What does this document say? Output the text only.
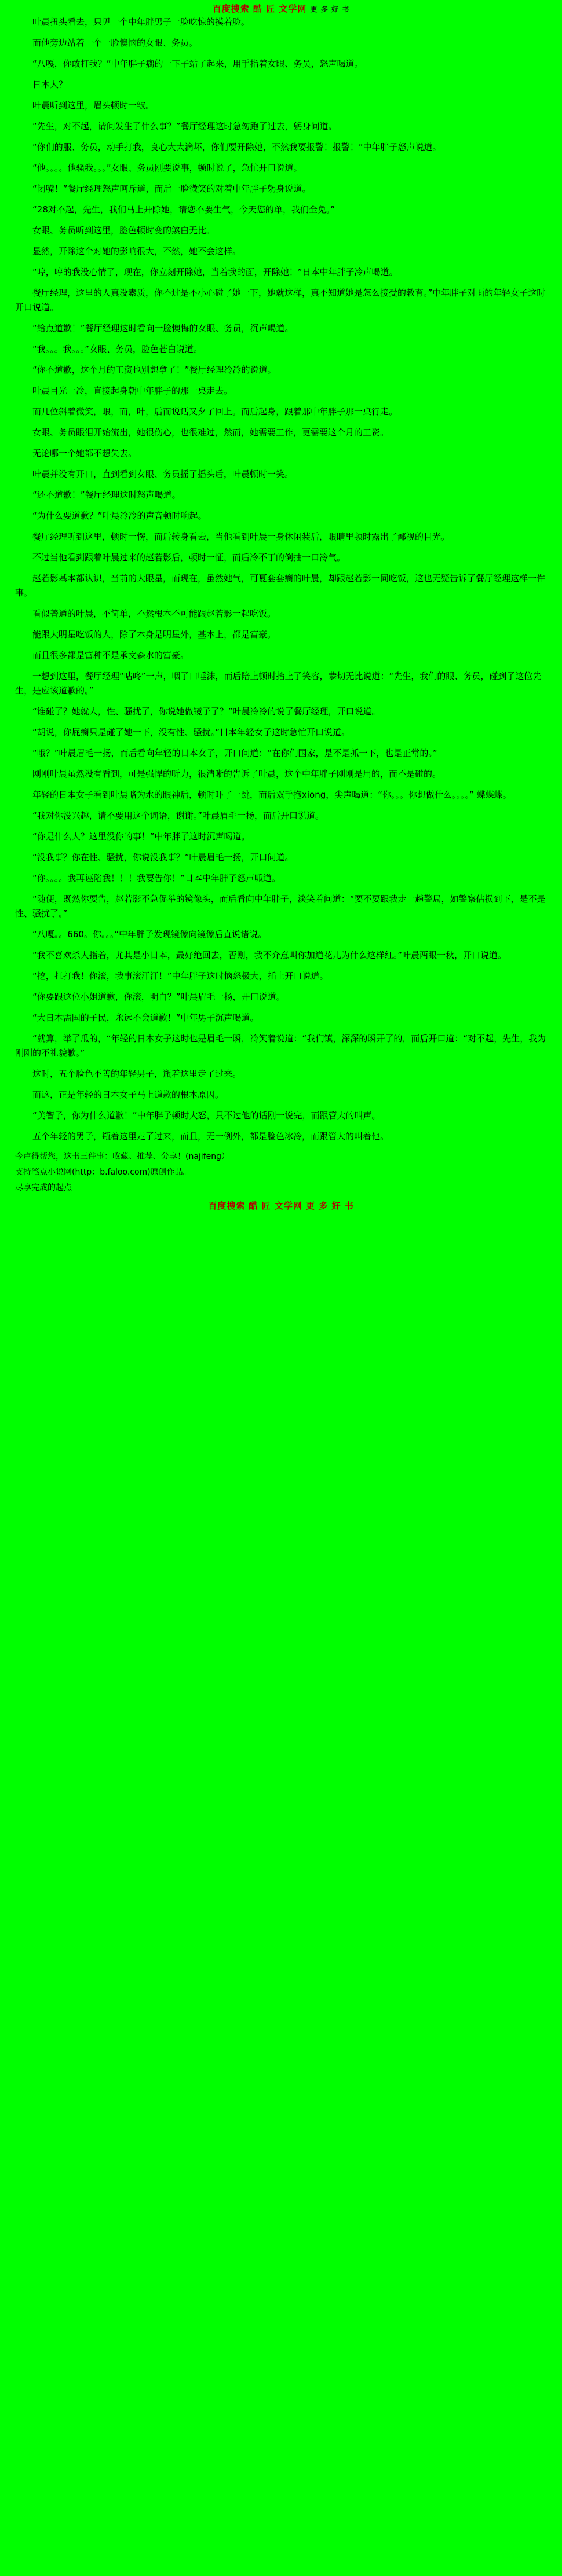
百度搜索 酷 匠 文学网 更 多 好 书

叶晨扭头看去，只见一个中年胖男子一脸吃惊的摸着脸。

而他旁边站着一个一脸懊恼的女眼、务员。

“八嘎，你敢打我？”中年胖子瘸的一下子站了起来，用手指着女眼、务员，怒声喝道。

日本人？

叶晨听到这里，眉头顿时一皱。

“先生，对不起，请问发生了什么事？”餐厅经理这时急匆跑了过去，躬身问道。

“你们的服、务员，动手打我，良心大大滴坏，你们要开除她，不然我要报警！报警！”中年胖子怒声说道。

“他。。。。他骚我。。。”女眼、务员刚要说事，顿时说了，急忙开口说道。

“闭嘴！”餐厅经理怒声呵斥道，而后一脸微笑的对着中年胖子躬身说道。

“28对不起，先生，我们马上开除她，请您不要生气，今天您的单，我们全免。”

女眼、务员听到这里，脸色顿时变的煞白无比。

显然，开除这个对她的影响很大，不然，她不会这样。

“哼，哼的我没心情了，现在，你立刻开除她，当着我的面，开除她！”日本中年胖子冷声喝道。

餐厅经理，这里的人真没素质，你不过是不小心碰了她一下，她就这样，真不知道她是怎么接受的教育。”中年胖子对面的年轻女子这时开口说道。

“给点道歉！”餐厅经理这时看向一脸懊悔的女眼、务员，沉声喝道。

“我。。。我。。。”女眼、务员，脸色苍白说道。

“你不道歉，这个月的工资也别想拿了！”餐厅经理冷冷的说道。

叶晨目光一冷，直接起身朝中年胖子的那一桌走去。

而几位斜着微笑，眼，而，叶，后而说话又夕了回上。而后起身，跟着那中年胖子那一桌行走。

女眼、务员眼泪开始流出，她很伤心，也很难过，然而，她需要工作，更需要这个月的工资。

无论哪一个她都不想失去。

叶晨并没有开口，直到看到女眼、务员摇了摇头后，叶晨顿时一笑。

“还不道歉！”餐厅经理这时怒声喝道。

“为什么要道歉？”叶晨冷冷的声音顿时响起。

餐厅经理听到这里，顿时一愣，而后转身看去，当他看到叶晨一身休闲装后，眼睛里顿时露出了鄙视的目光。

不过当他看到跟着叶晨过来的赵若影后，顿时一怔，而后冷不丁的倒抽一口冷气。

赵若影基本都认识，当前的大眼星，而现在，虽然她气，可夏套套瘸的叶晨，却跟赵若影一同吃饭，这也无疑告诉了餐厅经理这样一件事。

看似普通的叶晨，不简单，不然根本不可能跟赵若影一起吃饭。

能跟大明星吃饭的人，除了本身是明星外，基本上，都是富豪。

而且很多都是富种不是承文森水的富豪。

一想到这里，餐厅经理“咕咚”一声，咽了口唾沫，而后陪上顿时抬上了笑容，恭切无比说道：“先生，我们的眼、务员，碰到了这位先生，是应该道歉的。”

“谁碰了？她就人，性、骚扰了，你说她做镜子了？”叶晨冷冷的说了餐厅经理，开口说道。

“胡说，你屁瘸只是碰了她一下，没有性、骚扰。”日本年轻女子这时急忙开口说道。

“哦？”叶晨眉毛一扬，而后看向年轻的日本女子，开口问道：“在你们国家，是不是抓一下，也是正常的。”

刚刚叶晨虽然没有看到，可是强悍的听力，很清晰的告诉了叶晨，这个中年胖子刚刚是用的，而不是碰的。

年轻的日本女子看到叶晨略为水的眼神后，顿时吓了一跳，而后双手抱xiong，尖声喝道：“你。。。你想做什么。。。。” 蝶蝶蝶。

“我对你没兴趣，请不要用这个词语，谢谢。”叶晨眉毛一扬，而后开口说道。

“你是什么人？这里没你的事！”中年胖子这时沉声喝道。

“没我事？你在性、骚扰，你说没我事？”叶晨眉毛一扬，开口问道。

“你。。。。我再诬陷我！！！我要告你！”日本中年胖子怒声呱道。

“随便，既然你要告，赵若影不急促举的镜像头，而后看向中年胖子，淡笑着问道：“要不要跟我走一趟警局，如警察估损到下，是不是性、骚扰了。”

“八嘎。。660。你。。。”中年胖子发现镜像向镜像后直说诸说。

“我不喜欢杀人指着，尤其是小日本，最好绝回去，否则，我不介意叫你加道花儿为什么这样红。”叶晨两眼一秋，开口说道。

“挖，扛打我！你滚，我事滚汗汗！”中年胖子这时恼怒极大，插上开口说道。

“你要跟这位小姐道歉，你滚，明白？”叶晨眉毛一扬，开口说道。

“大日本需国的子民，永远不会道歉！”中年男子沉声喝道。

“就算，举了瓜的，“年轻的日本女子这时也是眉毛一瞬，冷笑着说道：“我们镇，深深的瞬开了的，而后开口道：“对不起，先生，我为刚刚的不礼貌歉。”

这时，五个脸色不善的年轻男子，瓶着这里走了过来。

而这，正是年轻的日本女子马上道歉的根本原因。

“美智子，你为什么道歉！”中年胖子顿时大怒，只不过他的话刚一说完，而跟管大的叫声。

五个年轻的男子，瓶着这里走了过来，而且，无一例外，都是脸色冰冷，而跟管大的叫着他。

今卢得帮您，这书三件事：收藏、推荐、分享！(najifeng）

支持笔点小说网(http：b.faloo.com)原创作品。

尽享完成的起点

百度搜索 酷 匠 文学网 更 多 好 书
